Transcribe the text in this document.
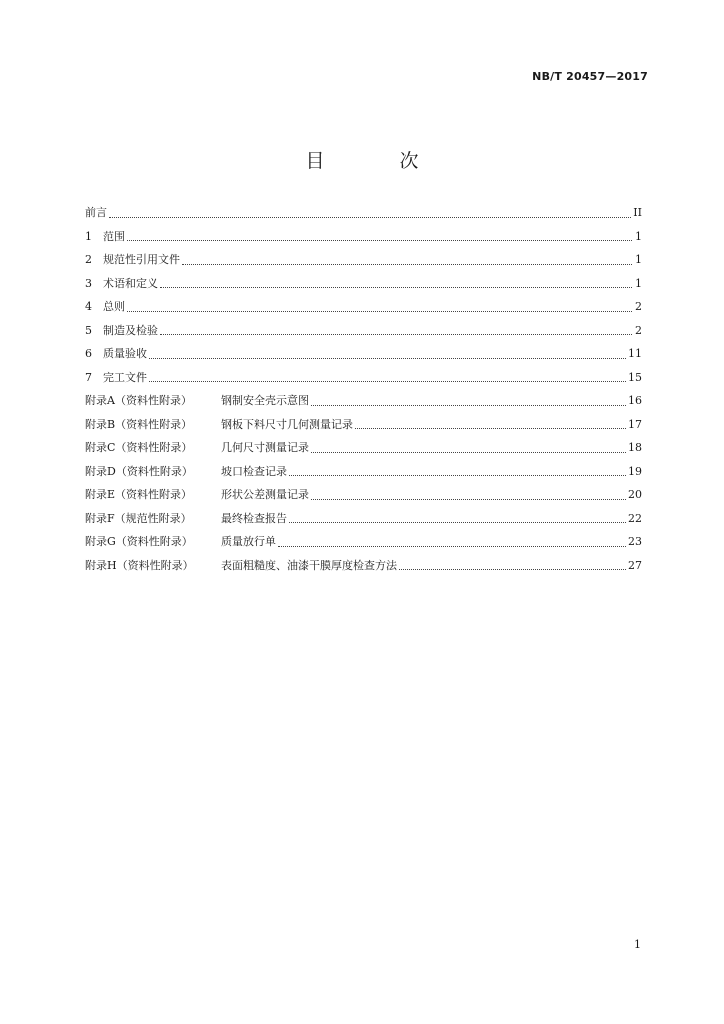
NB/T 20457—2017
目　次
前言	II
1 范围	1
2 规范性引用文件	1
3 术语和定义	1
4 总则	2
5 制造及检验	2
6 质量验收	11
7 完工文件	15
附录A（资料性附录）	钢制安全壳示意图	16
附录B（资料性附录）	钢板下料尺寸几何测量记录	17
附录C（资料性附录）	几何尺寸测量记录	18
附录D（资料性附录）	坡口检查记录	19
附录E（资料性附录）	形状公差测量记录	20
附录F（规范性附录）	最终检查报告	22
附录G（资料性附录）	质量放行单	23
附录H（资料性附录） 表面粗糙度、油漆干膜厚度检查方法	27
1
